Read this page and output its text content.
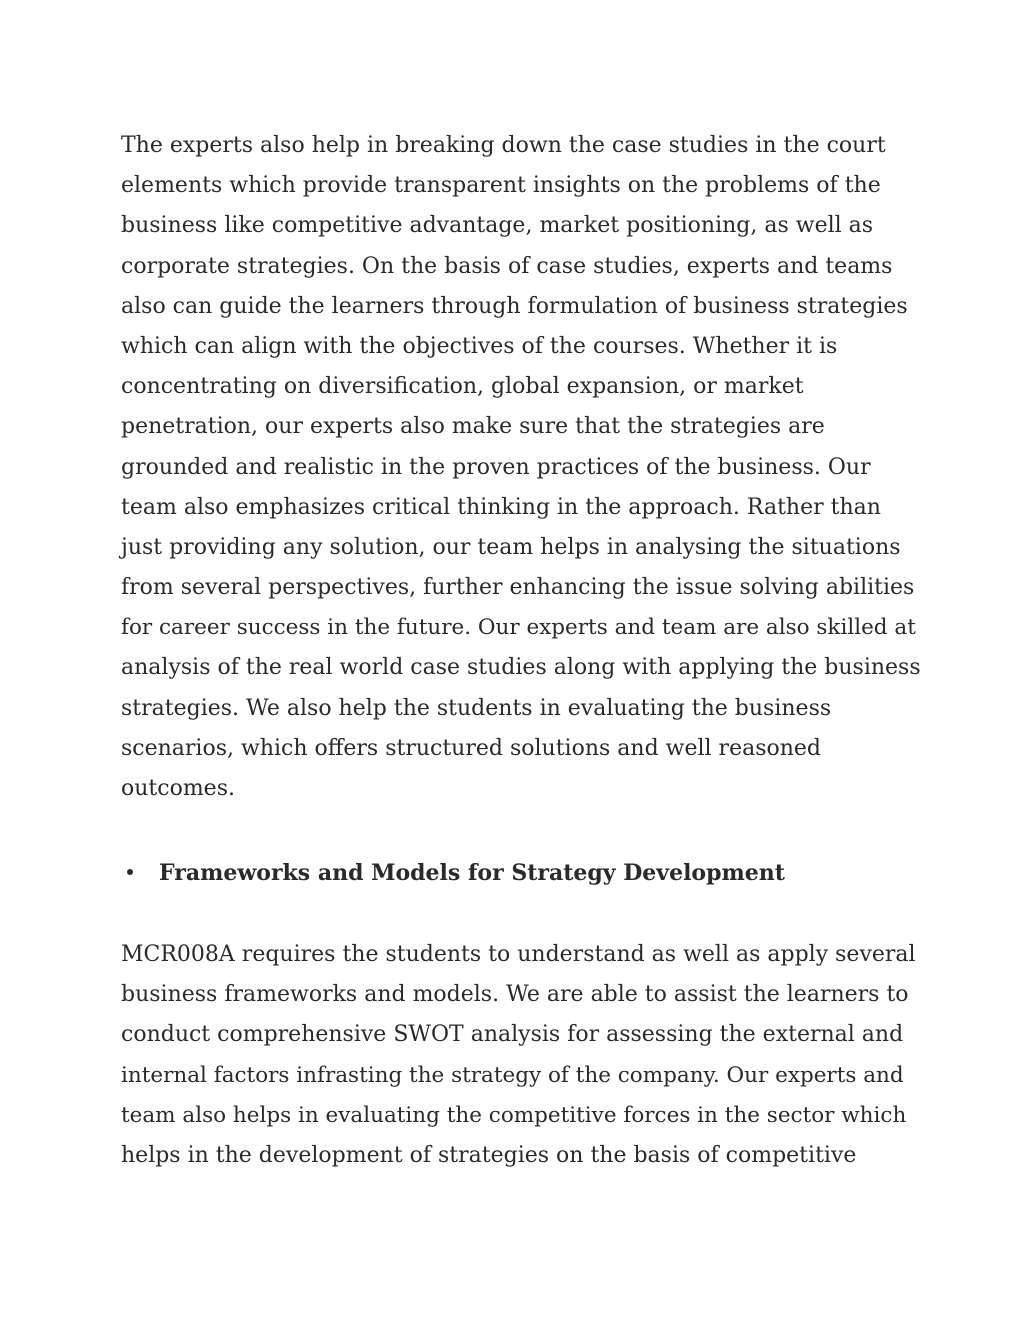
The experts also help in breaking down the case studies in the court
elements which provide transparent insights on the problems of the
business like competitive advantage, market positioning, as well as
corporate strategies. On the basis of case studies, experts and teams
also can guide the learners through formulation of business strategies
which can align with the objectives of the courses. Whether it is
concentrating on diversification, global expansion, or market
penetration, our experts also make sure that the strategies are
grounded and realistic in the proven practices of the business. Our
team also emphasizes critical thinking in the approach. Rather than
just providing any solution, our team helps in analysing the situations
from several perspectives, further enhancing the issue solving abilities
for career success in the future. Our experts and team are also skilled at
analysis of the real world case studies along with applying the business
strategies. We also help the students in evaluating the business
scenarios, which offers structured solutions and well reasoned
outcomes.
Frameworks and Models for Strategy Development
MCR008A requires the students to understand as well as apply several
business frameworks and models. We are able to assist the learners to
conduct comprehensive SWOT analysis for assessing the external and
internal factors infrasting the strategy of the company. Our experts and
team also helps in evaluating the competitive forces in the sector which
helps in the development of strategies on the basis of competitive
